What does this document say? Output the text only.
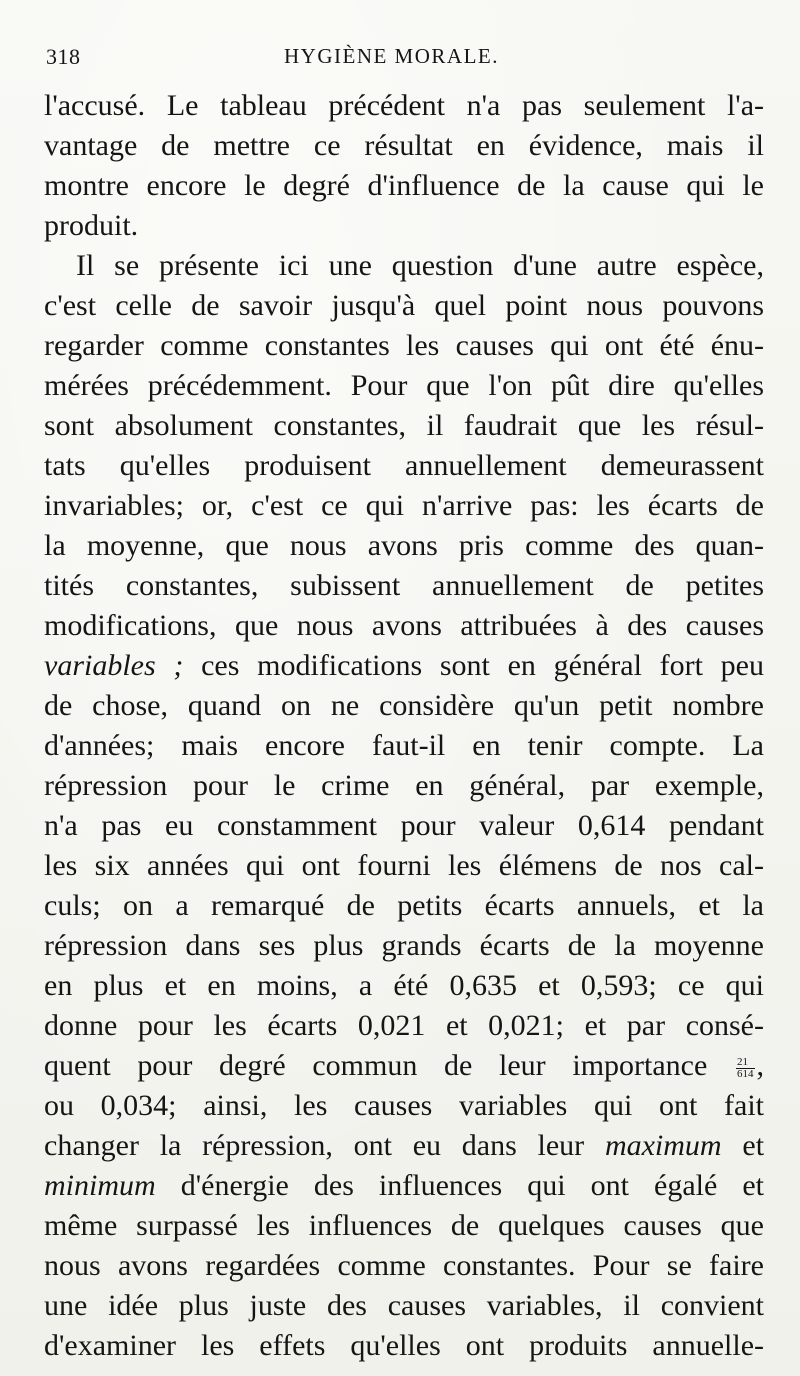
318	HYGIÈNE MORALE.
l'accusé. Le tableau précédent n'a pas seulement l'a-
vantage de mettre ce résultat en évidence, mais il
montre encore le degré d'influence de la cause qui le
produit.
Il se présente ici une question d'une autre espèce,
c'est celle de savoir jusqu'à quel point nous pouvons
regarder comme constantes les causes qui ont été énu-
mérées précédemment. Pour que l'on pût dire qu'elles
sont absolument constantes, il faudrait que les résul-
tats qu'elles produisent annuellement demeurassent
invariables; or, c'est ce qui n'arrive pas: les écarts de
la moyenne, que nous avons pris comme des quan-
tités constantes, subissent annuellement de petites
modifications, que nous avons attribuées à des causes
variables ; ces modifications sont en général fort peu
de chose, quand on ne considère qu'un petit nombre
d'années; mais encore faut-il en tenir compte. La
répression pour le crime en général, par exemple,
n'a pas eu constamment pour valeur 0,614 pendant
les six années qui ont fourni les élémens de nos cal-
culs; on a remarqué de petits écarts annuels, et la
répression dans ses plus grands écarts de la moyenne
en plus et en moins, a été 0,635 et 0,593; ce qui
donne pour les écarts 0,021 et 0,021; et par consé-
quent pour degré commun de leur importance	$\frac{21}{614}$ ,
ou 0,034; ainsi, les causes variables qui ont fait
changer la répression, ont eu dans leur maximum et
minimum d'énergie des influences qui ont égalé et
même surpassé les influences de quelques causes que
nous avons regardées comme constantes. Pour se faire
une idée plus juste des causes variables, il convient
d'examiner les effets qu'elles ont produits annuelle-
